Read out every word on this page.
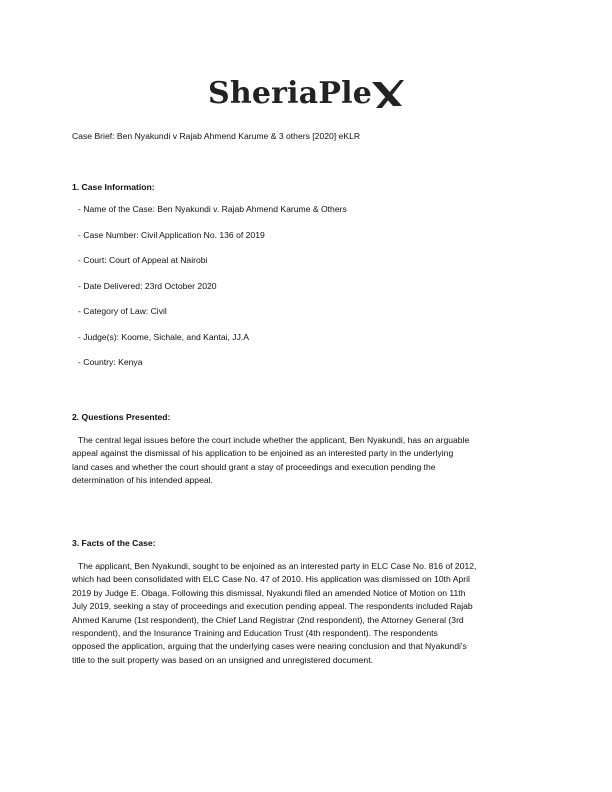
SheriaPle
Case Brief: Ben Nyakundi v Rajab Ahmend Karume & 3 others [2020] eKLR
1. Case Information:
- Name of the Case: Ben Nyakundi v. Rajab Ahmend Karume & Others
- Case Number: Civil Application No. 136 of 2019
- Court: Court of Appeal at Nairobi
- Date Delivered: 23rd October 2020
- Category of Law: Civil
- Judge(s): Koome, Sichale, and Kantai, JJ.A
- Country: Kenya
2. Questions Presented:
The central legal issues before the court include whether the applicant, Ben Nyakundi, has an arguable
appeal against the dismissal of his application to be enjoined as an interested party in the underlying
land cases and whether the court should grant a stay of proceedings and execution pending the
determination of his intended appeal.
3. Facts of the Case:
The applicant, Ben Nyakundi, sought to be enjoined as an interested party in ELC Case No. 816 of 2012,
which had been consolidated with ELC Case No. 47 of 2010. His application was dismissed on 10th April
2019 by Judge E. Obaga. Following this dismissal, Nyakundi filed an amended Notice of Motion on 11th
July 2019, seeking a stay of proceedings and execution pending appeal. The respondents included Rajab
Ahmed Karume (1st respondent), the Chief Land Registrar (2nd respondent), the Attorney General (3rd
respondent), and the Insurance Training and Education Trust (4th respondent). The respondents
opposed the application, arguing that the underlying cases were nearing conclusion and that Nyakundi's
title to the suit property was based on an unsigned and unregistered document.
